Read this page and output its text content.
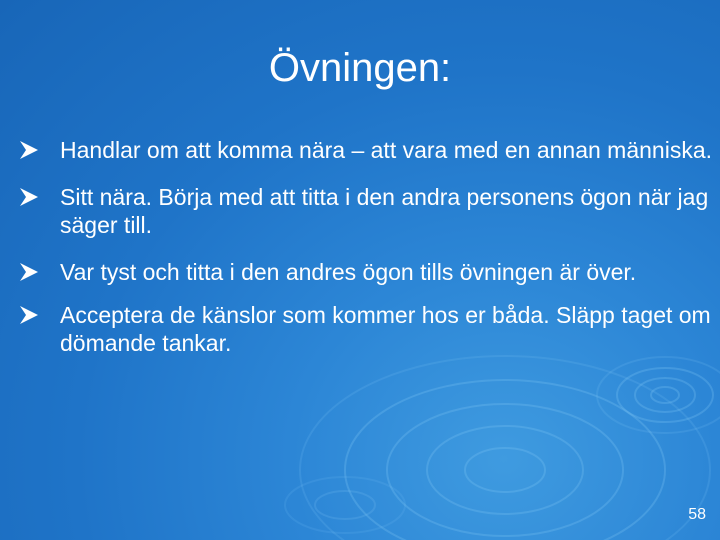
Övningen:
Handlar om att komma nära – att vara med en annan människa.
Sitt nära. Börja med att titta i den andra personens ögon när jag säger till.
Var tyst och titta i den andres ögon tills övningen är över.
Acceptera de känslor som kommer hos er båda. Släpp taget om dömande tankar.
58
